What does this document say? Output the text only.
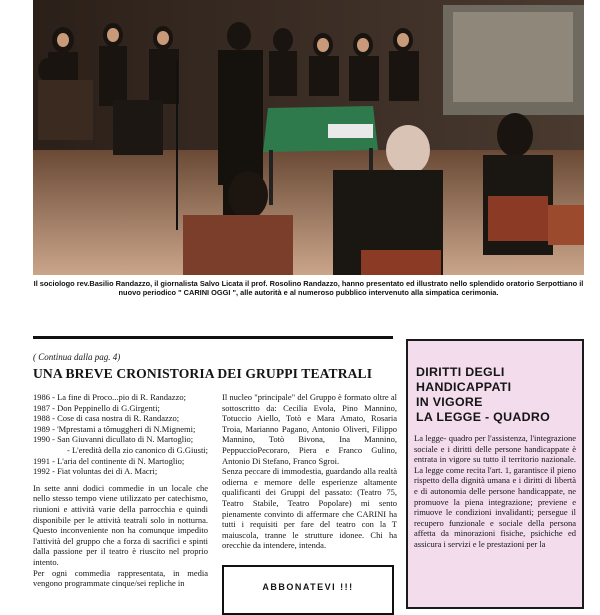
Il sociologo rev.Basilio Randazzo, il giornalista Salvo Licata il prof. Rosolino Randazzo, hanno presentato ed illustrato nello splendido oratorio Serpottiano il nuovo periodico " CARINI OGGI ", alle autorità e al numeroso pubblico intervenuto alla simpatica cerimonia.
( Continua dalla pag. 4)
UNA BREVE CRONISTORIA DEI GRUPPI TEATRALI
1986 - La fine di Proco...pio di R. Randazzo;
1987 - Don Peppinello di G.Girgenti;
1988 - Cose di casa nostra di R. Randazzo;
1989 - 'Mprestami a tômuggheri di N.Mignemi;
1990 - San Giuvanni dicullato di N. Martoglio;
- L'eredità della zio canonico di G.Giusti;
1991 - L'aria del continente di N. Martoglio;
1992 - Fiat voluntas dei di A. Macri;

In sette anni dodici commedie in un locale che nello stesso tempo viene utilizzato per catechismo, riunioni e attività varie della parrocchia e quindi disponibile per le attività teatrali solo in notturna. Questo inconveniente non ha comunque impedito l'attività del gruppo che a forza di sacrifici e spinti dalla passione per il teatro è riuscito nel proprio intento.

Per ogni commedia rappresentata, in media vengono programmate cinque/sei repliche in

Il nucleo "principale" del Gruppo è formato oltre al sottoscritto da: Cecilia Evola, Pino Mannino, Totuccio Aiello, Totò e Mara Amato, Rosaria Troia, Marianno Pagano, Antonio Oliveri, Filippo Mannino, Totò Bivona, Ina Mannino, PeppuccioPecoraro, Piera e Franco Gulino, Antonio Di Stefano, Franco Sgroi.

Senza peccare di immodestia, guardando alla realtà odierna e memore delle esperienze altamente qualificanti dei Gruppi del passato: (Teatro 75, Teatro Stabile, Teatro Popolare) mi sento pienamente convinto di affermare che CARINI ha tutti i requisiti per fare del teatro con la T maiuscola, tranne le strutture idonee. Chi ha orecchie da intendere, intenda.

ABBONATEVI !!!
DIRITTI DEGLI
HANDICAPPATI
IN VIGORE
LA LEGGE - QUADRO
La legge- quadro per l'assistenza, l'integrazione sociale e i diritti delle persone handicappate è entrata in vigore su tutto il territorio nazionale. La legge come recita l'art. 1, garantisce il pieno rispetto della dignità umana e i diritti di libertà e di autonomia delle persone handicappate, ne promuove la piena integrazione; previene e rimuove le condizioni invalidanti; persegue il recupero funzionale e sociale della persona affetta da minorazioni fisiche, psichiche ed assicura i servizi e le prestazioni per la
